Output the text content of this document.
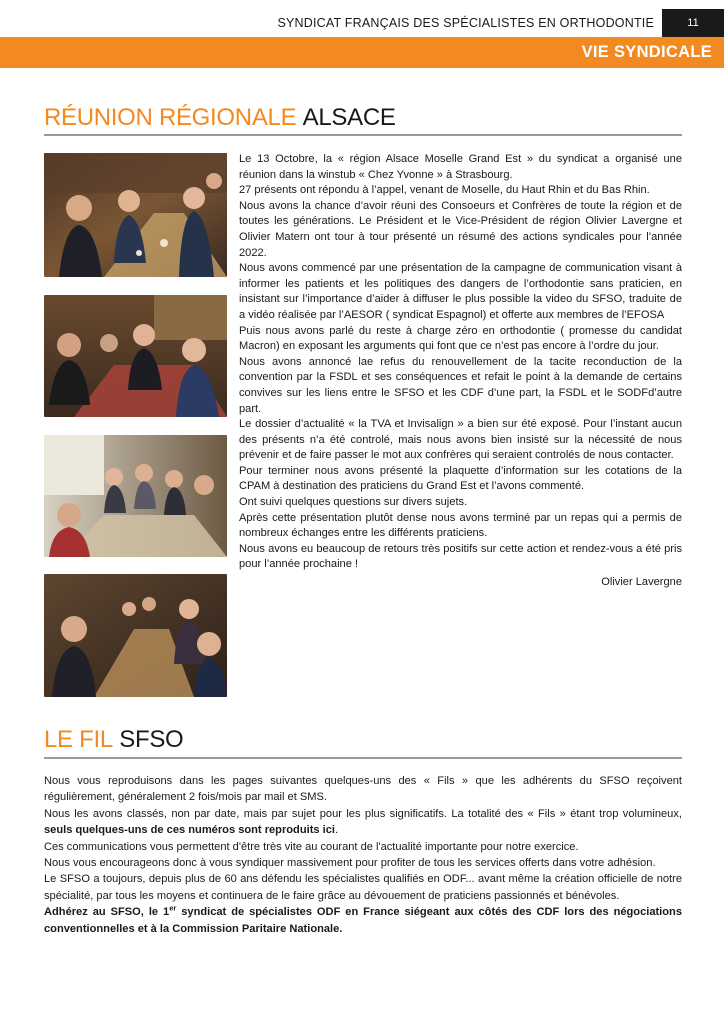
SYNDICAT FRANÇAIS DES SPÉCIALISTES EN ORTHODONTIE	11
VIE SYNDICALE
RÉUNION RÉGIONALE ALSACE

Le 13 Octobre, la « région Alsace Moselle Grand Est » du syndicat a organisé une réunion dans la winstub « Chez Yvonne » à Strasbourg.

27 présents ont répondu à l’appel, venant de Moselle, du Haut Rhin et du Bas Rhin.

Nous avons la chance d’avoir réuni des Consoeurs et Confrères de toute la région et de toutes les générations. Le Président et le Vice-Président de région Olivier Lavergne et Olivier Matern ont tour à tour présenté un résumé des actions syndicales pour l’année 2022.

Nous avons commencé par une présentation de la campagne de communication visant à informer les patients et les politiques des dangers de l’orthodontie sans praticien, en insistant sur l’importance d’aider à diffuser le plus possible la video du SFSO, traduite de a vidéo réalisée par l’AESOR ( syndicat Espagnol) et offerte aux membres de l’EFOSA

Puis nous avons parlé du reste à charge zéro en orthodontie ( promesse du candidat Macron) en exposant les arguments qui font que ce n’est pas encore à l’ordre du jour.

Nous avons annoncé lae refus du renouvellement de la tacite reconduction de la convention par la FSDL et ses conséquences et refait le point à la demande de certains convives sur les liens entre le SFSO et les CDF d’une part, la FSDL et le SODFd’autre part.

Le dossier d’actualité « la TVA et Invisalign » a bien sur été exposé. Pour l’instant aucun des présents n’a été controlé, mais nous avons bien insisté sur la nécessité de nous prévenir et de faire passer le mot aux confrères qui seraient controlés de nous contacter.

Pour terminer nous avons présenté la plaquette d’information sur les cotations de la CPAM à destination des praticiens du Grand Est et l’avons commenté.

Ont suivi quelques questions sur divers sujets.

Après cette présentation plutôt dense nous avons terminé par un repas qui a permis de nombreux échanges entre les différents praticiens.

Nous avons eu beaucoup de retours très positifs sur cette action et rendez-vous a été pris pour l’année prochaine !

Olivier Lavergne

LE FIL SFSO

Nous vous reproduisons dans les pages suivantes quelques-uns des « Fils » que les adhérents du SFSO reçoivent régulièrement, généralement 2 fois/mois par mail et SMS.

Nous les avons classés, non par date, mais par sujet pour les plus significatifs. La totalité des « Fils » étant trop volumineux, seuls quelques-uns de ces numéros sont reproduits ici.

Ces communications vous permettent d'être très vite au courant de l'actualité importante pour notre exercice.

Nous vous encourageons donc à vous syndiquer massivement pour profiter de tous les services offerts dans votre adhésion.

Le SFSO a toujours, depuis plus de 60 ans défendu les spécialistes qualifiés en ODF... avant même la création officielle de notre spécialité, par tous les moyens et continuera de le faire grâce au dévouement de praticiens passionnés et bénévoles.

Adhérez au SFSO, le 1er syndicat de spécialistes ODF en France siégeant aux côtés des CDF lors des négociations conventionnelles et à la Commission Paritaire Nationale.
